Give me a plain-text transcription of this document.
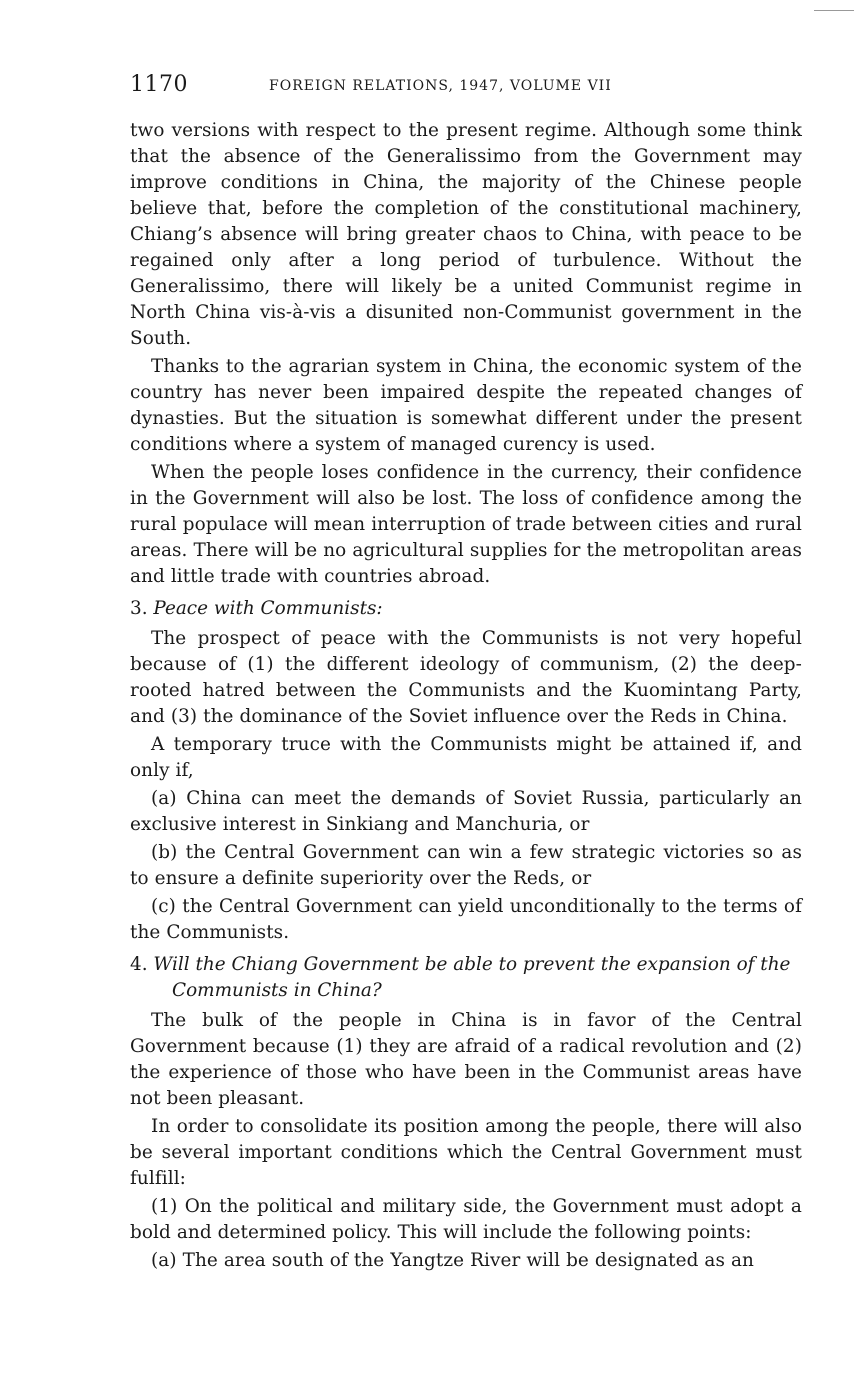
1170	FOREIGN RELATIONS, 1947, VOLUME VII

two versions with respect to the present regime. Although some think that the absence of the Generalissimo from the Government may improve conditions in China, the majority of the Chinese people believe that, before the completion of the constitutional machinery, Chiang’s absence will bring greater chaos to China, with peace to be regained only after a long period of turbulence. Without the Generalissimo, there will likely be a united Communist regime in North China vis-à-vis a disunited non-Communist government in the South.

Thanks to the agrarian system in China, the economic system of the country has never been impaired despite the repeated changes of dynasties. But the situation is somewhat different under the present conditions where a system of managed curency is used.

When the people loses confidence in the currency, their confidence in the Government will also be lost. The loss of confidence among the rural populace will mean interruption of trade between cities and rural areas. There will be no agricultural supplies for the metropolitan areas and little trade with countries abroad.

3. Peace with Communists:

The prospect of peace with the Communists is not very hopeful because of (1) the different ideology of communism, (2) the deep-rooted hatred between the Communists and the Kuomintang Party, and (3) the dominance of the Soviet influence over the Reds in China.

A temporary truce with the Communists might be attained if, and only if,

(a) China can meet the demands of Soviet Russia, particularly an exclusive interest in Sinkiang and Manchuria, or

(b) the Central Government can win a few strategic victories so as to ensure a definite superiority over the Reds, or

(c) the Central Government can yield unconditionally to the terms of the Communists.

4. Will the Chiang Government be able to prevent the expansion of the Communists in China?

The bulk of the people in China is in favor of the Central Government because (1) they are afraid of a radical revolution and (2) the experience of those who have been in the Communist areas have not been pleasant.

In order to consolidate its position among the people, there will also be several important conditions which the Central Government must fulfill:

(1) On the political and military side, the Government must adopt a bold and determined policy. This will include the following points:

(a) The area south of the Yangtze River will be designated as an
